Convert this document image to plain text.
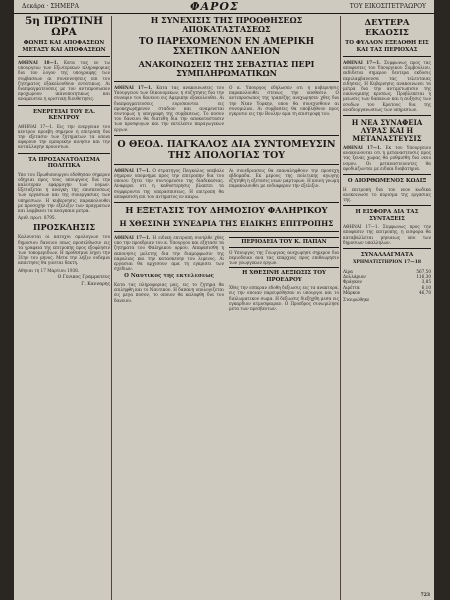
Δεκάρα · ΣΗΜΕΡΑ	ΦΑΡΟΣ	ΤΟΥ ΕΙΚΟΣΙΤΕΤΡΑΩΡΟΥ
5η ΠΡΩΤΙΝΗ ΩΡΑ
ΦΩΝΗΣ ΚΑΙ ΑΠΟΦΑΣΕΩΝ ΜΕΤΑΞΥ ΚΑΙ ΑΠΟΦΑΣΕΩΝ
ΑΘΗΝΑΙ 18—1. Κατα τας εν τω υπουργειω των Εξωτερικων πληροφοριας δια τον λογον της υπογραφης των συμβασεων αι συνεννοησεις επι του ζητηματος εξακολουθουν εντατικως. Αι διαπραγματευσεις με τον αντιπροσωπον προχωρουν ικανοποιητικως και αναμενεται η οριστικη διευθετησις.
ΕΝΕΡΓΕΙΑΙ ΤΟΥ ΕΛ. ΚΕΝΤΡΟΥ
ΑΘΗΝΑΙ 17—1. Εις την ενεργειαν του κεντρου προεβη σημερον η επιτροπη δια την εξετασιν των ζητηματων τα οποια αφορουν την εμπορικην κινησιν και την ανταλλαγην προιοντων.
ΤΑ ΠΡΟΣΑΝΑΤΟΛΙΣΜΑ ΠΟΛΙΤΙΚΑ
Υπο του Πρωθυπουργου εδοθησαν σημερον οδηγιαι προς τους υπουργους δια την καλυτεραν εφαρμογην των νομων. Εξεταζεται η αναγκη της επισπευσεως των εργασιων και της συνεργασιας των υπηρεσιων. Η κυβερνησις παρακολουθει με προσοχην την εξελιξιν των πραγματων και λαμβανει τα αναγκαια μετρα.
Αριθ. πρωτ. 8795.
ΠΡΟΣΚΛΗΣΙΣ
Καλουνται οι κατοχοι ομολογιων του δημοσιου δανειου οπως προσελθωσιν εις τα γραφεια της επιτροπης προς εξοφλησιν των τοκομεριδιων. Η προθεσμια ληγει την 31ην του μηνος. Μετα την ληξιν ουδεμια απαιτησις θα γινεται δεκτη.
Αθηναι τη 17 Μαρτιου 1938.
Ο Γενικος Γραμματευς
Γ. Κανναρης
Η ΣΥΝΕΧΙΣΙΣ ΤΗΣ ΠΡΟΩΘΗΣΕΩΣ ΑΠΟΚΑΤΑΣΤΑΣΕΩΣ
ΤΟ ΠΑΡΕΧΟΜΕΝΟΝ ΕΝ ΑΜΕΡΙΚΗ ΣΧΕΤΙΚΟΝ ΔΑΝΕΙΟΝ
ΑΝΑΚΟΙΝΩΣΕΙΣ ΤΗΣ ΣΕΒΑΣΤΙΑΣ ΠΕΡΙ ΣΥΜΠΛΗΡΩΜΑΤΙΚΩΝ
ΑΘΗΝΑΙ 17—1. Κατα τας ανακοινωσεις του Υπουργειου των Οικονομικων, η συζητησις δια την συναψιν του δανειου εις Αμερικην εξακολουθει. Αι διαπραγματευσεις ευρισκονται εις προκεχωρημενον σταδιον και αναμενεται συντομως η υπογραφη της συμβασεως. Το ποσον του δανειου θα διατεθη δια την αποκαταστασιν των προσφυγων και την εκτελεσιν παραγωγικων εργων.
Ο κ. Υπουργος εδηλωσεν οτι η κυβερνησις παρακολουθει στενως την υποθεσιν. Ο αντιπροσωπος της τραπεζης ανεχωρησεν χθες δια την Νεαν Υορκην, οπου θα συνεχισθουν αι συνομιλιαι. Αι συμβασεις θα υποβληθουν προς εγκρισιν εις την Βουλην αμα τη επιστροφη του.
Ο ΘΕΟΔ. ΠΑΓΚΑΛΟΣ ΔΙΑ ΣΥΝΤΟΜΕΥΣΙΝ ΤΗΣ ΑΠΟΛΟΓΙΑΣ ΤΟΥ
ΑΘΗΝΑΙ 17—1. Ο στρατηγος Παγκαλος υπεβαλε σημερον υπομνημα προς την επιτροπην δια του οποιου ζητει την συντομευσιν της διαδικασιας. Αναφερει οτι η καθυστερησις βλαπτει τα συμφεροντα της υπερασπισεως. Η επιτροπη θα αποφασιση επι του αιτηματος εν καιρω.
Αι συνεδριασεις θα επαναληφθουν την προσεχη εβδομαδα. Εκ μερους της πολιτικης αγωγης εζητηθη η εξετασις νεων μαρτυρων. Η κοινη γνωμη παρακολουθει με ενδιαφερον την εξελιξιν.
Η ΕΞΕΤΑΣΙΣ ΤΟΥ ΔΗΜΟΣΙΟΥ ΦΑΛΗΡΙΚΟΥ
Η ΧΘΕΣΙΝΗ ΣΥΝΕΔΡΙΑ ΤΗΣ ΕΙΔΙΚΗΣ ΕΠΙΤΡΟΠΗΣ
ΑΘΗΝΑΙ 17—1. Η ειδικη επιτροπη συνηλθε χθες υπο την προεδριαν του κ. Υπουργου και εξητασε τα ζητηματα του Φαληρικου ορμου. Απεφασισθη η εκπονησις μελετης δια την διαμορφωσιν της παραλιας και την κατασκευην του λιμενος. Αι εργασιαι θα αρχισουν αμα τη εγκρισει των σχεδιων.
Ο Ναυτικος της εκτελεσεως
Κατα τας πληροφοριας μας, εις το ζητημα θα επιληφθη και το Ναυτικον. Η δαπανη υπολογιζεται εις μεγα ποσον, το οποιον θα καλυφθη δια του δανειου.
ΠΕΡΙΟΔΕΙΑ ΤΟΥ Κ. ΠΑΠΑΝ
Ο Υπουργος της Γεωργιας ανεχωρησε σημερον δια περιοδειαν ανα τας επαρχιας προς επιθεωρησιν των γεωργικων εργων.
Η ΧΘΕΣΙΝΗ ΔΕΞΙΩΣΙΣ ΤΟΥ ΠΡΟΕΔΡΟΥ
Χθες την εσπεραν εδοθη δεξιωσις εις τα ανακτορα, εις την οποιαν παρευρεθησαν οι υπουργοι και το διπλωματικον σωμα. Η δεξιωσις διεξηχθη μεσα εις εγκαρδιον ατμοσφαιραν. Ο Προεδρος συνωμιλησε μετα των πρεσβευτων.
ΔΕΥΤΕΡΑ ΕΚΔΟΣΙΣ
ΤΟ ΦΥΛΛΟΝ ΕΞΕΔΟΘΗ ΕΙΣ ΚΑΙ ΤΑΣ ΠΕΡΙΟΧΑΣ
ΑΘΗΝΑΙ 17—1. Συμφωνως προς τας αποφασεις του Υπουργικου Συμβουλιου, εκδιδεται σημερον δευτερα εκδοσις περιλαμβανουσα τας τελευταιας ειδησεις. Η Κυβερνησις ανακοινωνει τα μετρα δια την αντιμετωπισιν της οικονομικης κρισεως. Προβλεπεται η μειωσις των δαπανων και η αυξησις των εσοδων του Κρατους δια της αναδιοργανωσεως των υπηρεσιων.
Η ΝΕΑ ΣΥΝΑΦΕΙΑ ΛΥΡΑΣ ΚΑΙ Η ΜΕΤΑΝΑΣΤΕΥΣΙΣ
ΑΘΗΝΑΙ 17—1. Εκ του Υπουργειου ανακοινουται οτι η μεταναστευσις προς τας ξενας χωρας θα ρυθμισθη δια νεου νομου. Οι μεταναστευοντες θα εφοδιαζωνται με ειδικα διαβατηρια.
Ο ΔΙΟΡΘΩΜΕΝΟΣ ΚΩΔΙΞ
Η επιτροπη δια τον νεον κωδικα ανεκοινωσε το πορισμα της εργασιας της.
Η ΕΙΣΦΟΡΑ ΔΙΑ ΤΑΣ ΣΥΝΤΑΞΕΙΣ
ΑΘΗΝΑΙ 17—1. Συμφωνως προς την αποφασιν της επιτροπης, η εισφορα θα καταβαλλεται μηνιαιως υπο των δημοσιων υπαλληλων.
ΣΥΝΑΛΛΑΓΜΑΤΑ
ΧΡΗΜΑΤΙΣΤΗΡΙΟΝ 17—18
Λίρα	567,50
Δολλάριον	116,30
Φράγκον	3,85
Λιρέττα	6,10
Μάρκον	46,70
Σταυρώθηκε
723
